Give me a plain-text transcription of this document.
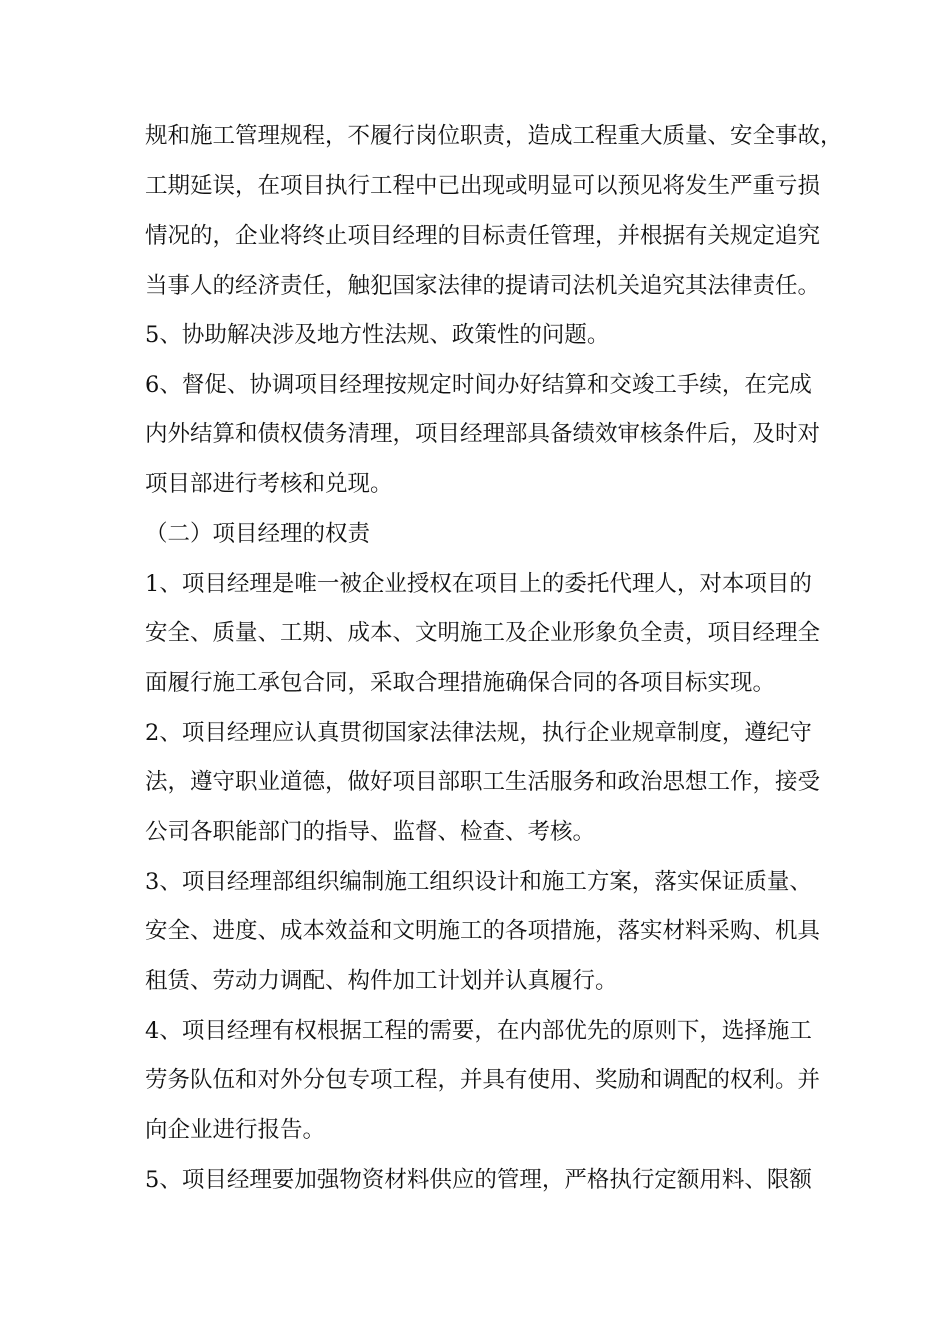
规和施工管理规程，不履行岗位职责，造成工程重大质量、安全事故，
工期延误，在项目执行工程中已出现或明显可以预见将发生严重亏损
情况的，企业将终止项目经理的目标责任管理，并根据有关规定追究
当事人的经济责任，触犯国家法律的提请司法机关追究其法律责任。
5、协助解决涉及地方性法规、政策性的问题。
6、督促、协调项目经理按规定时间办好结算和交竣工手续，在完成
内外结算和债权债务清理，项目经理部具备绩效审核条件后，及时对
项目部进行考核和兑现。
（二）项目经理的权责
1、项目经理是唯一被企业授权在项目上的委托代理人，对本项目的
安全、质量、工期、成本、文明施工及企业形象负全责，项目经理全
面履行施工承包合同，采取合理措施确保合同的各项目标实现。
2、项目经理应认真贯彻国家法律法规，执行企业规章制度，遵纪守
法，遵守职业道德，做好项目部职工生活服务和政治思想工作，接受
公司各职能部门的指导、监督、检查、考核。
3、项目经理部组织编制施工组织设计和施工方案，落实保证质量、
安全、进度、成本效益和文明施工的各项措施，落实材料采购、机具
租赁、劳动力调配、构件加工计划并认真履行。
4、项目经理有权根据工程的需要，在内部优先的原则下，选择施工
劳务队伍和对外分包专项工程，并具有使用、奖励和调配的权利。并
向企业进行报告。
5、项目经理要加强物资材料供应的管理，严格执行定额用料、限额
